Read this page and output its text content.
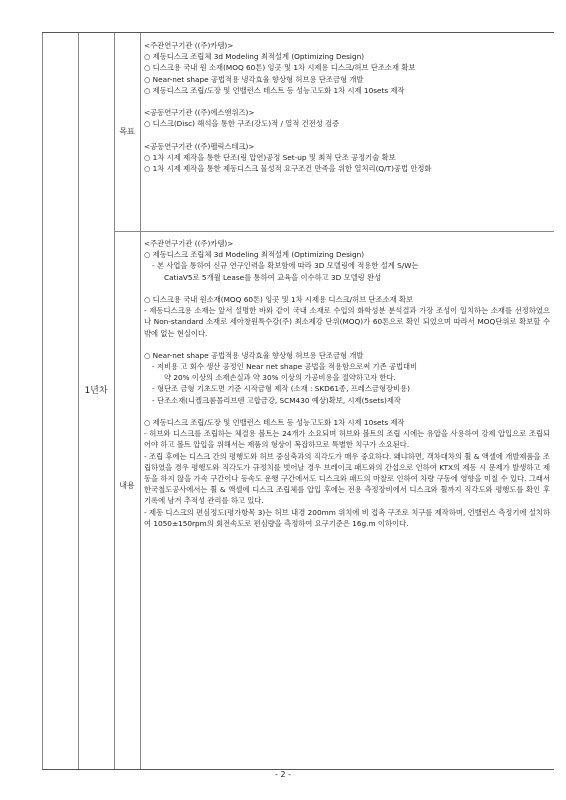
1년차
목표
내용
<주관연구기관 ((주)카템)>
○ 제동디스크 조립체 3d Modeling 최적설계 (Optimizing Design)
○ 디스크용 국내 원 소재(MOQ 60톤) 잉곳 및 1차 시제용 디스크/허브 단조소재 확보
○ Near-net shape 공법적용 냉각효율 향상형 허브용 단조금형 개발
○ 제동디스크 조립/도장 및 언밸런스 테스트 등 성능고도화 1차 시제 10sets 제작
<공동연구기관 ((주)에스앤위즈)>
○ 디스크(Disc) 해석을 통한 구조(강도)적 / 열적 건전성 검증
<공동연구기관 ((주)펠릭스테크)>
○ 1차 시제 제작을 통한 단조(링 압연)공정 Set-up 및 최적 단조 공정기술 확보
○ 1차 시제 제작을 통한 제동디스크 물성적 요구조건 만족을 위한 열처리(Q/T)공법 안정화
<주관연구기관 ((주)카템)>
○ 제동디스크 조립체 3d Modeling 최적설계 (Optimizing Design)
- 본 사업을 통하여 신규 연구인력을 확보함에 따라 3D 모델링에 적용한 설계 S/W는
CatiaV5로 5개월 Lease를 통하여 교육을 이수하고 3D 모델링 완성
○ 디스크용 국내 원소재(MOQ 60톤) 잉곳 및 1차 시제용 디스크/허브 단조소재 확보
- 제동디스크용 소재는 앞서 설명한 바와 같이 국내 소재로 수입의 화학성분 분석결과 가장 조성이 일치하는 소재를 선정하였으나 Non-standard 소재로 세아창원특수강(주) 최소제강 단위(MOQ)가 60톤으로 확인 되었으며 따라서 MOQ단위로 확보할 수밖에 없는 현실이다.
○ Near-net shape 공법적용 냉각효율 향상형 허브용 단조금형 개발
- 저비용 고 회수 생산 공정인 Near net shape 공법을 적용함으로써 기존 공법대비
약 20% 이상의 소재손실과 약 30% 이상의 가공비용을 절약하고자 한다.
- 형단조 금형 기초도면 기준 시작금형 제작 (소재 : SKD61종, 프레스금형장비용)
- 단조소재(니켈크롬몰리브덴 고합금강, SCM430 예상)확보, 시제(5sets)제작
○ 제동디스크 조립/도장 및 언밸런스 테스트 등 성능고도화 1차 시제 10sets 제작
- 허브와 디스크를 조립하는 체결용 볼트는 24개가 소요되며 허브와 볼트의 조립 시에는 유압을 사용하여 강제 압입으로 조립되어야 하고 볼트 압입을 위해서는 제품의 형상이 복잡하므로 특별한 치구가 소요된다.
- 조립 후에는 디스크 간의 평행도와 허브 중심축과의 직각도가 매우 중요하다. 왜냐하면, 객차대차의 휠 & 액셀에 개발제품을 조립하였을 경우 평행도와 직각도가 규정치를 벗어날 경우 브레이크 패드와의 간섭으로 인하여 KTX의 제동 시 문제가 발생하고 제동을 하지 않을 가속 구간이나 등속도 운행 구간에서도 디스크와 패드의 마찰로 인하여 차량 구동에 영향을 미칠 수 있다. 그래서 한국철도공사에서는 휠 & 액셀에 디스크 조립체를 압입 후에는 전용 측정장비에서 디스크와 휠까지 직각도와 평행도를 확인 후 기록에 남겨 추적성 관리를 하고 있다.
- 제동 디스크의 편심정도(평가항목 3)는 허브 내경 200mm 위치에 비 접촉 구조로 치구를 제작하며, 언밸런스 측정기에 설치하여 1050±150rpm의 회전속도로 편심량을 측정하여 요구기준은 16g.m 이하이다.
- 2 -
